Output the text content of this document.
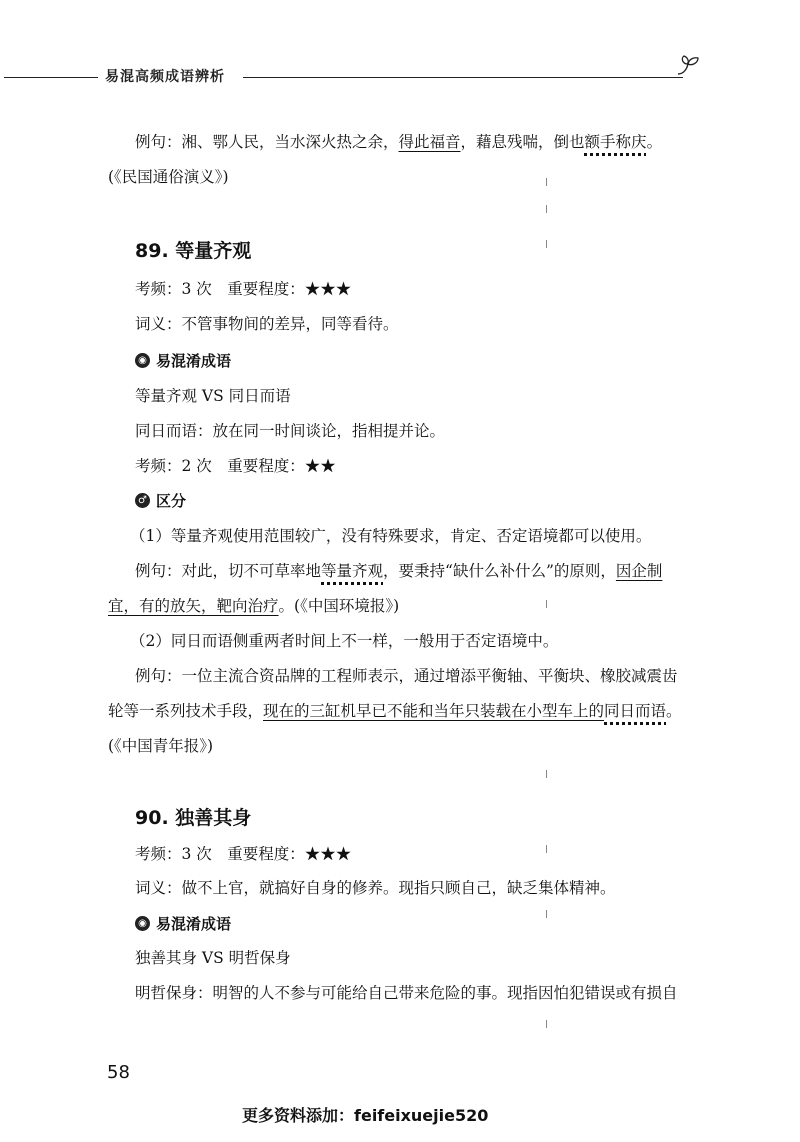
易混高频成语辨析
例句：湘、鄂人民，当水深火热之余，得此福音，藉息残喘，倒也额手称庆。
(《民国通俗演义》)
89. 等量齐观
考频：3 次　重要程度：★★★
词义：不管事物间的差异，同等看待。
◉ 易混淆成语
等量齐观 VS 同日而语
同日而语：放在同一时间谈论，指相提并论。
考频：2 次　重要程度：★★
♂ 区分
（1）等量齐观使用范围较广，没有特殊要求，肯定、否定语境都可以使用。
例句：对此，切不可草率地等量齐观，要秉持“缺什么补什么”的原则，因企制
宜，有的放矢，靶向治疗。(《中国环境报》)
（2）同日而语侧重两者时间上不一样，一般用于否定语境中。
例句：一位主流合资品牌的工程师表示，通过增添平衡轴、平衡块、橡胶减震齿
轮等一系列技术手段，现在的三缸机早已不能和当年只装载在小型车上的同日而语。
(《中国青年报》)
90. 独善其身
考频：3 次　重要程度：★★★
词义：做不上官，就搞好自身的修养。现指只顾自己，缺乏集体精神。
◉ 易混淆成语
独善其身 VS 明哲保身
明哲保身：明智的人不参与可能给自己带来危险的事。现指因怕犯错误或有损自
58
更多资料添加：feifeixuejie520
